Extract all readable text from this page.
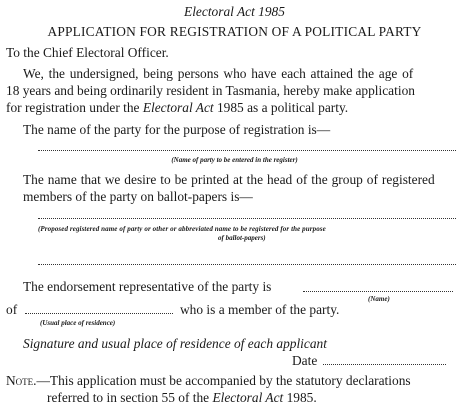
Electoral Act 1985
APPLICATION FOR REGISTRATION OF A POLITICAL PARTY
To the Chief Electoral Officer.
We, the undersigned, being persons who have each attained the age of
18 years and being ordinarily resident in Tasmania, hereby make application
for registration under the Electoral Act 1985 as a political party.
The name of the party for the purpose of registration is—
(Name of party to be entered in the register)
The name that we desire to be printed at the head of the group of registered
members of the party on ballot-papers is—
(Proposed registered name of party or other or abbreviated name to be registered for the purpose
of ballot-papers)
The endorsement representative of the party is
(Name)
of	who is a member of the party.
(Usual place of residence)
Signature and usual place of residence of each applicant
Date
Note.—This application must be accompanied by the statutory declarations
referred to in section 55 of the Electoral Act 1985.
